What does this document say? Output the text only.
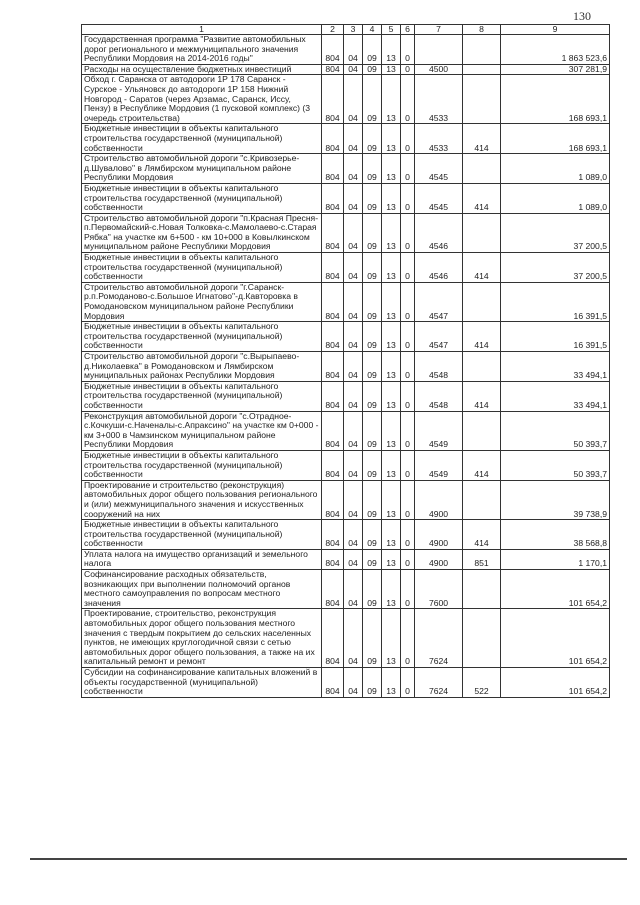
130
1	2	3	4	5	6	7	8	9
Государственная программа "Развитие автомобильных дорог регионального и межмуниципального значения Республики Мордовия на 2014-2016 годы"	804	04	09	13	0			1 863 523,6
Расходы на осуществление бюджетных инвестиций	804	04	09	13	0	4500		307 281,9
Обход г. Саранска от автодороги 1Р 178 Саранск - Сурское - Ульяновск до автодороги 1Р 158 Нижний Новгород - Саратов (через Арзамас, Саранск, Иссу, Пензу) в Республике Мордовия (1 пусковой комплекс) (3 очередь строительства)	804	04	09	13	0	4533		168 693,1
Бюджетные инвестиции в объекты капитального строительства государственной (муниципальной) собственности	804	04	09	13	0	4533	414	168 693,1
Строительство автомобильной дороги "с.Кривозерье-д.Шувалово" в Лямбирском муниципальном районе Республики Мордовия	804	04	09	13	0	4545		1 089,0
Бюджетные инвестиции в объекты капитального строительства государственной (муниципальной) собственности	804	04	09	13	0	4545	414	1 089,0
Строительство автомобильной дороги "п.Красная Пресня-п.Первомайский-с.Новая Толковка-с.Мамолаево-с.Старая Рябка" на участке км 6+500 - км 10+000 в Ковылкинском муниципальном районе Республики Мордовия	804	04	09	13	0	4546		37 200,5
Бюджетные инвестиции в объекты капитального строительства государственной (муниципальной) собственности	804	04	09	13	0	4546	414	37 200,5
Строительство автомобильной дороги "г.Саранск-р.п.Ромоданово-с.Большое Игнатово"-д.Кавторовка в Ромодановском муниципальном районе Республики Мордовия	804	04	09	13	0	4547		16 391,5
Бюджетные инвестиции в объекты капитального строительства государственной (муниципальной) собственности	804	04	09	13	0	4547	414	16 391,5
Строительство автомобильной дороги "с.Вырыпаево-д.Николаевка" в Ромодановском и Лямбирском муниципальных районах Республики Мордовия	804	04	09	13	0	4548		33 494,1
Бюджетные инвестиции в объекты капитального строительства государственной (муниципальной) собственности	804	04	09	13	0	4548	414	33 494,1
Реконструкция автомобильной дороги "с.Отрадное-с.Кочкуши-с.Наченалы-с.Апраксино" на участке км 0+000 - км 3+000 в Чамзинском муниципальном районе Республики Мордовия	804	04	09	13	0	4549		50 393,7
Бюджетные инвестиции в объекты капитального строительства государственной (муниципальной) собственности	804	04	09	13	0	4549	414	50 393,7
Проектирование и строительство (реконструкция) автомобильных дорог общего пользования регионального и (или) межмуниципального значения и искусственных сооружений на них	804	04	09	13	0	4900		39 738,9
Бюджетные инвестиции в объекты капитального строительства государственной (муниципальной) собственности	804	04	09	13	0	4900	414	38 568,8
Уплата налога на имущество организаций и земельного налога	804	04	09	13	0	4900	851	1 170,1
Софинансирование расходных обязательств, возникающих при выполнении полномочий органов местного самоуправления по вопросам местного значения	804	04	09	13	0	7600		101 654,2
Проектирование, строительство, реконструкция автомобильных дорог общего пользования местного значения с твердым покрытием до сельских населенных пунктов, не имеющих круглогодичной связи с сетью автомобильных дорог общего пользования, а также на их капитальный ремонт и ремонт	804	04	09	13	0	7624		101 654,2
Субсидии на софинансирование капитальных вложений в объекты государственной (муниципальной) собственности	804	04	09	13	0	7624	522	101 654,2
